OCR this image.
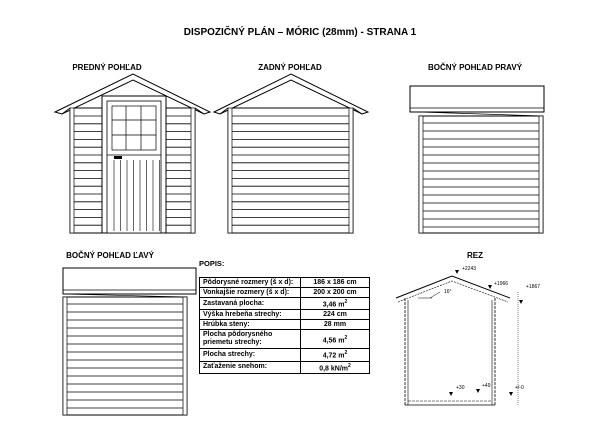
DISPOZIČNÝ PLÁN – MÓRIC (28mm) - STRANA 1
PREDNÝ POHĽAD	ZADNÝ POHĽAD	BOČNÝ POHĽAD PRAVÝ
BOČNÝ POHĽAD ĽAVÝ	REZ
+2243
+1966	+1867
16°
+30	+49	+/-0
POPIS:
Pôdorysné rozmery (š x d):	186 x 186 cm
Vonkajšie rozmery (š x d):	200 x 200 cm
Zastavaná plocha:	3,46 $m^2$
Výška hrebeňa strechy:	224 cm
Hrúbka steny:	28 mm
Plocha pôdorysného priemetu strechy:	4,56 $m^2$
Plocha strechy:	4,72 $m^2$
Zaťaženie snehom:	0,8 $kN/m^2$
